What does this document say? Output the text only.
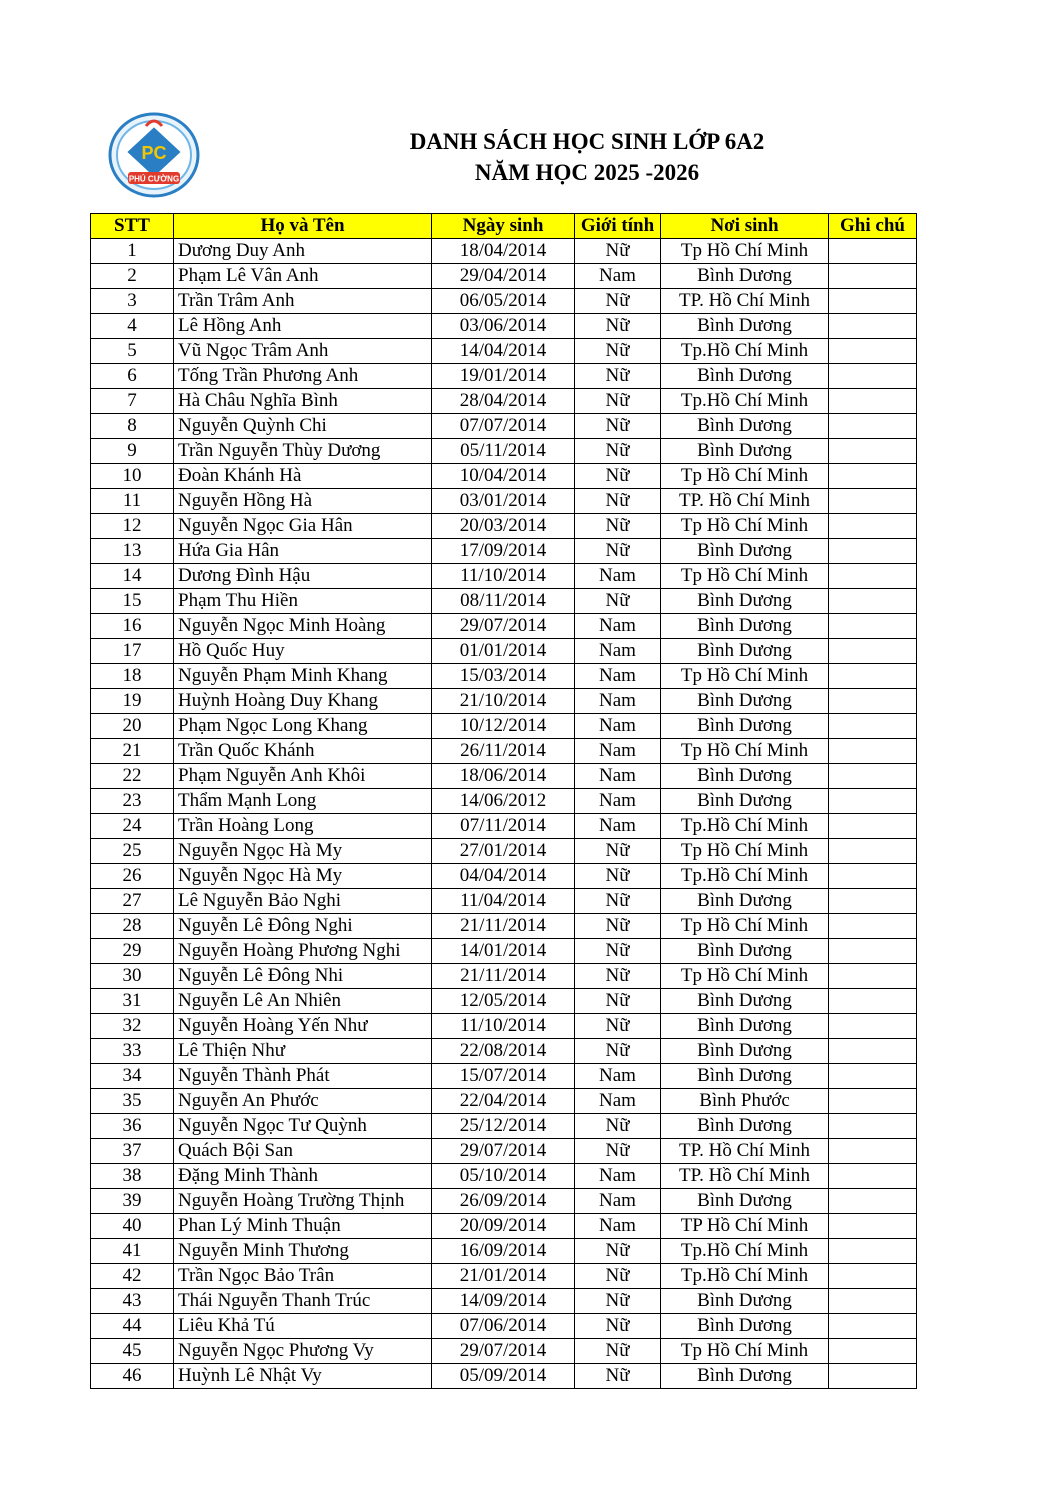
PC
PHÚ CƯỜNG
DANH SÁCH HỌC SINH LỚP 6A2
NĂM HỌC 2025 -2026
STT	Họ và Tên	Ngày sinh	Giới tính	Nơi sinh	Ghi chú
1	Dương Duy Anh	18/04/2014	Nữ	Tp Hồ Chí Minh	
2	Phạm Lê Vân Anh	29/04/2014	Nam	Bình Dương	
3	Trần Trâm Anh	06/05/2014	Nữ	TP. Hồ Chí Minh	
4	Lê Hồng Anh	03/06/2014	Nữ	Bình Dương	
5	Vũ Ngọc Trâm Anh	14/04/2014	Nữ	Tp.Hồ Chí Minh	
6	Tống Trần Phương Anh	19/01/2014	Nữ	Bình Dương	
7	Hà Châu Nghĩa Bình	28/04/2014	Nữ	Tp.Hồ Chí Minh	
8	Nguyễn Quỳnh Chi	07/07/2014	Nữ	Bình Dương	
9	Trần Nguyễn Thùy Dương	05/11/2014	Nữ	Bình Dương	
10	Đoàn Khánh Hà	10/04/2014	Nữ	Tp Hồ Chí Minh	
11	Nguyễn Hồng Hà	03/01/2014	Nữ	TP. Hồ Chí Minh	
12	Nguyễn Ngọc Gia Hân	20/03/2014	Nữ	Tp Hồ Chí Minh	
13	Hứa Gia Hân	17/09/2014	Nữ	Bình Dương	
14	Dương Đình Hậu	11/10/2014	Nam	Tp Hồ Chí Minh	
15	Phạm Thu Hiền	08/11/2014	Nữ	Bình Dương	
16	Nguyễn Ngọc Minh Hoàng	29/07/2014	Nam	Bình Dương	
17	Hồ Quốc Huy	01/01/2014	Nam	Bình Dương	
18	Nguyễn Phạm Minh Khang	15/03/2014	Nam	Tp Hồ Chí Minh	
19	Huỳnh Hoàng Duy Khang	21/10/2014	Nam	Bình Dương	
20	Phạm Ngọc Long Khang	10/12/2014	Nam	Bình Dương	
21	Trần Quốc Khánh	26/11/2014	Nam	Tp Hồ Chí Minh	
22	Phạm Nguyễn Anh Khôi	18/06/2014	Nam	Bình Dương	
23	Thẩm Mạnh Long	14/06/2012	Nam	Bình Dương	
24	Trần Hoàng Long	07/11/2014	Nam	Tp.Hồ Chí Minh	
25	Nguyễn Ngọc Hà My	27/01/2014	Nữ	Tp Hồ Chí Minh	
26	Nguyễn Ngọc Hà My	04/04/2014	Nữ	Tp.Hồ Chí Minh	
27	Lê Nguyễn Bảo Nghi	11/04/2014	Nữ	Bình Dương	
28	Nguyễn Lê Đông Nghi	21/11/2014	Nữ	Tp Hồ Chí Minh	
29	Nguyễn Hoàng Phương Nghi	14/01/2014	Nữ	Bình Dương	
30	Nguyễn Lê Đông Nhi	21/11/2014	Nữ	Tp Hồ Chí Minh	
31	Nguyễn Lê An Nhiên	12/05/2014	Nữ	Bình Dương	
32	Nguyễn Hoàng Yến Như	11/10/2014	Nữ	Bình Dương	
33	Lê Thiện Như	22/08/2014	Nữ	Bình Dương	
34	Nguyễn Thành Phát	15/07/2014	Nam	Bình Dương	
35	Nguyễn An Phước	22/04/2014	Nam	Bình Phước	
36	Nguyễn Ngọc Tư Quỳnh	25/12/2014	Nữ	Bình Dương	
37	Quách Bội San	29/07/2014	Nữ	TP. Hồ Chí Minh	
38	Đặng Minh Thành	05/10/2014	Nam	TP. Hồ Chí Minh	
39	Nguyễn Hoàng Trường Thịnh	26/09/2014	Nam	Bình Dương	
40	Phan Lý Minh Thuận	20/09/2014	Nam	TP Hồ Chí Minh	
41	Nguyễn Minh Thương	16/09/2014	Nữ	Tp.Hồ Chí Minh	
42	Trần Ngọc Bảo Trân	21/01/2014	Nữ	Tp.Hồ Chí Minh	
43	Thái Nguyễn Thanh Trúc	14/09/2014	Nữ	Bình Dương	
44	Liêu Khả Tú	07/06/2014	Nữ	Bình Dương	
45	Nguyễn Ngọc Phương Vy	29/07/2014	Nữ	Tp Hồ Chí Minh	
46	Huỳnh Lê Nhật Vy	05/09/2014	Nữ	Bình Dương	
